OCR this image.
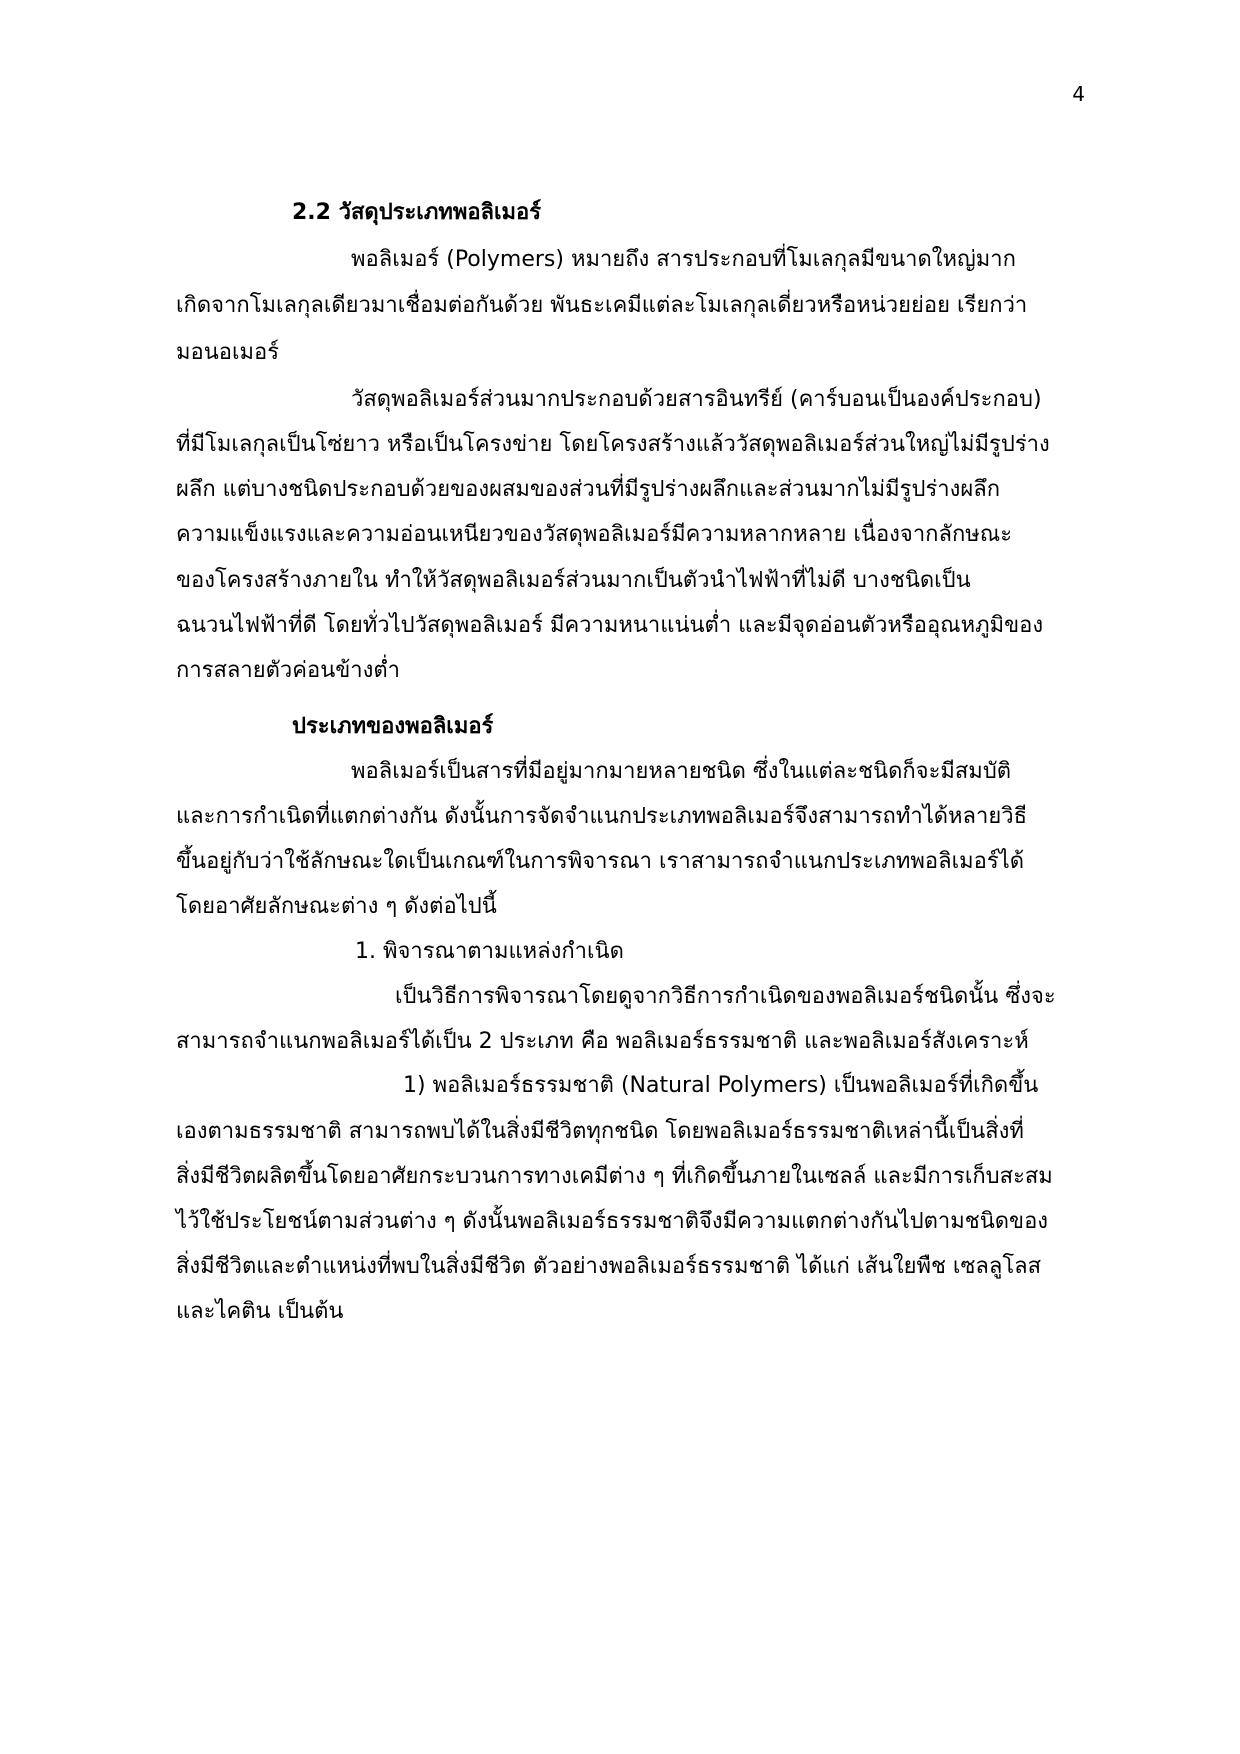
4
2.2 วัสดุประเภทพอลิเมอร์
พอลิเมอร์ (Polymers) หมายถึง สารประกอบที่โมเลกุลมีขนาดใหญ่มาก
เกิดจากโมเลกุลเดียวมาเชื่อมต่อกันด้วย พันธะเคมีแต่ละโมเลกุลเดี่ยวหรือหน่วยย่อย เรียกว่า
มอนอเมอร์
วัสดุพอลิเมอร์ส่วนมากประกอบด้วยสารอินทรีย์ (คาร์บอนเป็นองค์ประกอบ)
ที่มีโมเลกุลเป็นโซ่ยาว หรือเป็นโครงข่าย โดยโครงสร้างแล้ววัสดุพอลิเมอร์ส่วนใหญ่ไม่มีรูปร่าง
ผลึก แต่บางชนิดประกอบด้วยของผสมของส่วนที่มีรูปร่างผลึกและส่วนมากไม่มีรูปร่างผลึก
ความแข็งแรงและความอ่อนเหนียวของวัสดุพอลิเมอร์มีความหลากหลาย เนื่องจากลักษณะ
ของโครงสร้างภายใน ทำให้วัสดุพอลิเมอร์ส่วนมากเป็นตัวนำไฟฟ้าที่ไม่ดี บางชนิดเป็น
ฉนวนไฟฟ้าที่ดี โดยทั่วไปวัสดุพอลิเมอร์ มีความหนาแน่นต่ำ และมีจุดอ่อนตัวหรืออุณหภูมิของ
การสลายตัวค่อนข้างต่ำ
ประเภทของพอลิเมอร์
พอลิเมอร์เป็นสารที่มีอยู่มากมายหลายชนิด ซึ่งในแต่ละชนิดก็จะมีสมบัติ
และการกำเนิดที่แตกต่างกัน ดังนั้นการจัดจำแนกประเภทพอลิเมอร์จึงสามารถทำได้หลายวิธี
ขึ้นอยู่กับว่าใช้ลักษณะใดเป็นเกณฑ์ในการพิจารณา เราสามารถจำแนกประเภทพอลิเมอร์ได้
โดยอาศัยลักษณะต่าง ๆ ดังต่อไปนี้
1. พิจารณาตามแหล่งกำเนิด
เป็นวิธีการพิจารณาโดยดูจากวิธีการกำเนิดของพอลิเมอร์ชนิดนั้น ซึ่งจะ
สามารถจำแนกพอลิเมอร์ได้เป็น 2 ประเภท คือ พอลิเมอร์ธรรมชาติ และพอลิเมอร์สังเคราะห์
1) พอลิเมอร์ธรรมชาติ (Natural Polymers) เป็นพอลิเมอร์ที่เกิดขึ้น
เองตามธรรมชาติ สามารถพบได้ในสิ่งมีชีวิตทุกชนิด โดยพอลิเมอร์ธรรมชาติเหล่านี้เป็นสิ่งที่
สิ่งมีชีวิตผลิตขึ้นโดยอาศัยกระบวนการทางเคมีต่าง ๆ ที่เกิดขึ้นภายในเซลล์ และมีการเก็บสะสม
ไว้ใช้ประโยชน์ตามส่วนต่าง ๆ ดังนั้นพอลิเมอร์ธรรมชาติจึงมีความแตกต่างกันไปตามชนิดของ
สิ่งมีชีวิตและตำแหน่งที่พบในสิ่งมีชีวิต ตัวอย่างพอลิเมอร์ธรรมชาติ ได้แก่ เส้นใยพืช เซลลูโลส
และไคติน เป็นต้น
